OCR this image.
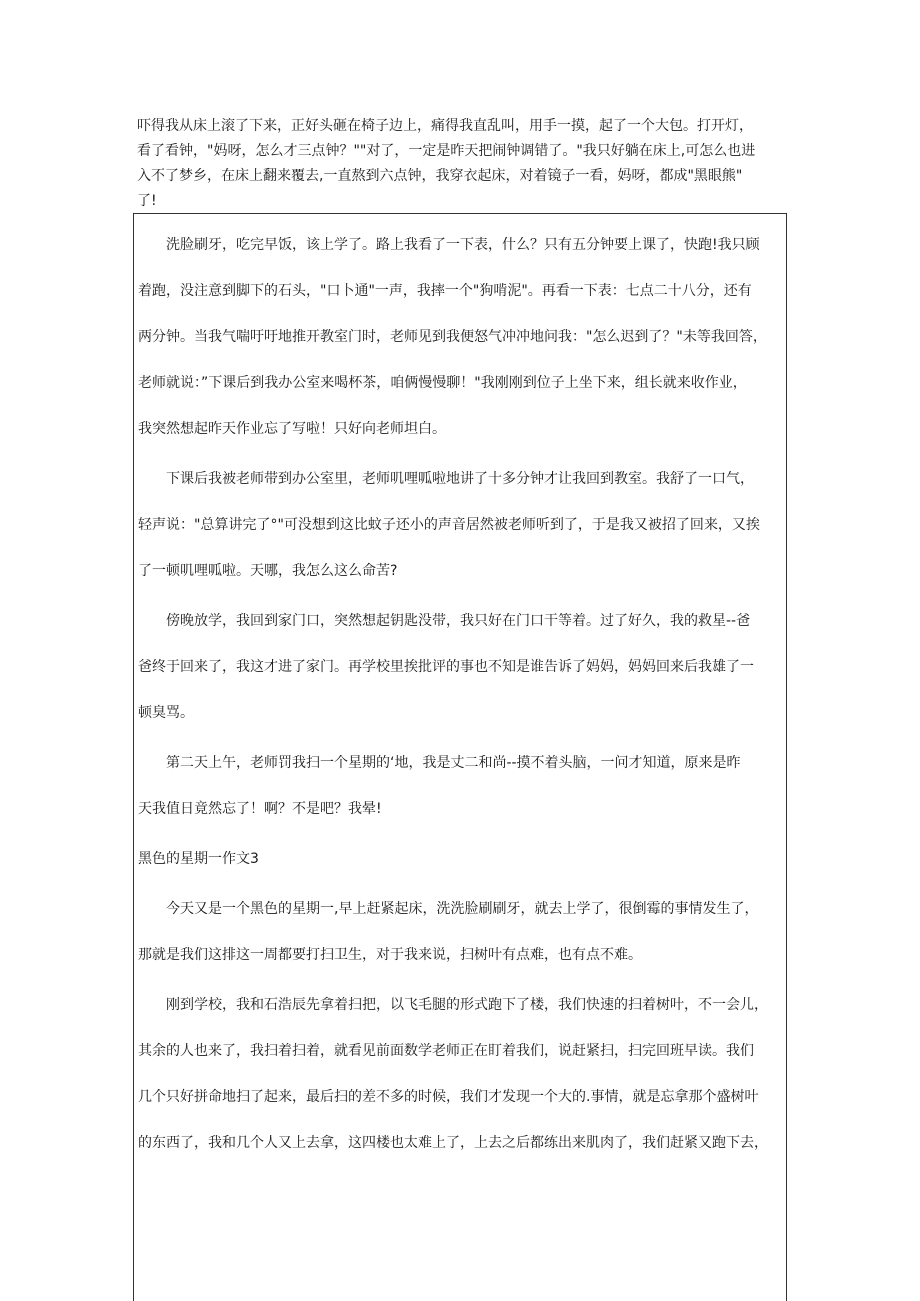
吓得我从床上滚了下来，正好头砸在椅子边上，痛得我直乱叫，用手一摸，起了一个大包。打开灯，
看了看钟，"妈呀，怎么才三点钟？""对了，一定是昨天把闹钟调错了。"我只好躺在床上,可怎么也进
入不了梦乡，在床上翻来覆去,一直熬到六点钟，我穿衣起床，对着镜子一看，妈呀，都成"黑眼熊"
了!

洗脸刷牙，吃完早饭，该上学了。路上我看了一下表，什么？只有五分钟要上课了，快跑!我只顾

着跑，没注意到脚下的石头，"口卜通"一声，我摔一个"狗啃泥"。再看一下表：七点二十八分，还有

两分钟。当我气喘吁吁地推开教室门时，老师见到我便怒气冲冲地问我："怎么迟到了？"未等我回答，

老师就说：”下课后到我办公室来喝杯茶，咱俩慢慢聊！"我刚刚到位子上坐下来，组长就来收作业，

我突然想起昨天作业忘了写啦！只好向老师坦白。

下课后我被老师带到办公室里，老师叽哩呱啦地讲了十多分钟才让我回到教室。我舒了一口气，

轻声说："总算讲完了°"可没想到这比蚊子还小的声音居然被老师听到了，于是我又被招了回来，又挨

了一顿叽哩呱啦。天哪，我怎么这么命苦?

傍晚放学，我回到家门口，突然想起钥匙没带，我只好在门口干等着。过了好久，我的救星--爸

爸终于回来了，我这才进了家门。再学校里挨批评的事也不知是谁告诉了妈妈，妈妈回来后我雄了一

顿臭骂。

第二天上午，老师罚我扫一个星期的‘地，我是丈二和尚--摸不着头脑，一问才知道，原来是昨

天我值日竟然忘了！啊？不是吧？我晕!

黑色的星期一作文3

今天又是一个黑色的星期一,早上赶紧起床，洗洗脸刷刷牙，就去上学了，很倒霉的事情发生了，

那就是我们这排这一周都要打扫卫生，对于我来说，扫树叶有点难，也有点不难。

刚到学校，我和石浩辰先拿着扫把，以飞毛腿的形式跑下了楼，我们快速的扫着树叶，不一会儿，

其余的人也来了，我扫着扫着，就看见前面数学老师正在盯着我们，说赶紧扫，扫完回班早读。我们

几个只好拼命地扫了起来，最后扫的差不多的时候，我们才发现一个大的.事情，就是忘拿那个盛树叶

的东西了，我和几个人又上去拿，这四楼也太难上了，上去之后都练出来肌肉了，我们赶紧又跑下去，
